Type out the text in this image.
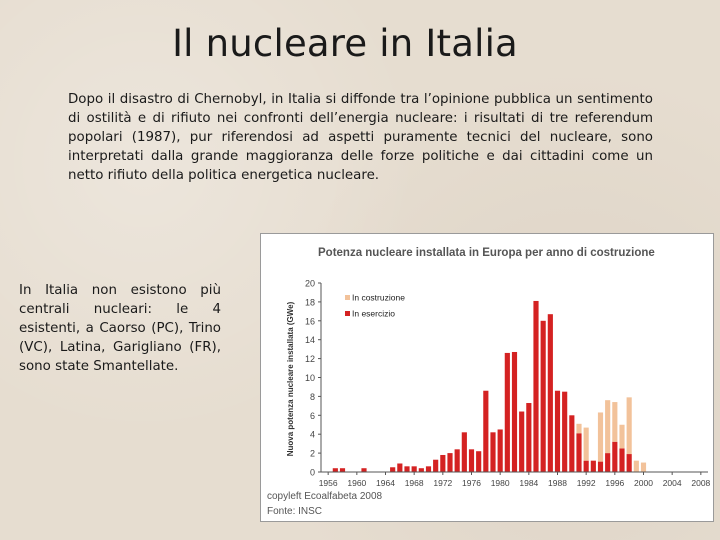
Il nucleare in Italia
Dopo il disastro di Chernobyl, in Italia si diffonde tra l’opinione pubblica un sentimento di ostilità e di rifiuto nei confronti dell’energia nucleare: i risultati di tre referendum popolari (1987), pur riferendosi ad aspetti puramente tecnici del nucleare, sono interpretati dalla grande maggioranza delle forze politiche e dai cittadini come un netto rifiuto della politica energetica nucleare.
In Italia non esistono più centrali nucleari: le 4 esistenti, a Caorso (PC), Trino (VC), Latina, Garigliano (FR), sono state Smantellate.
Potenza nucleare installata in Europa per anno di costruzione
Nuova potenza nucleare installata (GWe)
0
2
4
6
8
10
12
14
16
18
20
1956 1960 1964 1968 1972 1976 1980 1984 1988 1992 1996 2000 2004 2008
In costruzione
In esercizio
copyleft Ecoalfabeta 2008
Fonte: INSC
